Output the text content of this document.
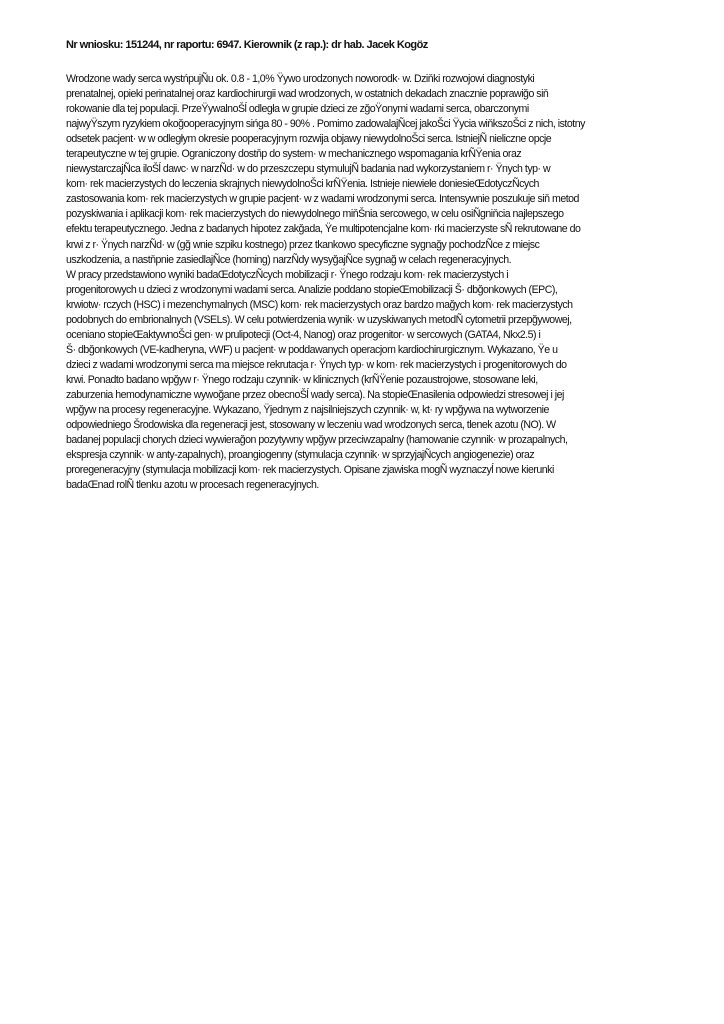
Nr wniosku: 151244, nr raportu: 6947. Kierownik (z rap.): dr hab. Jacek Kogöz

Wrodzone wady serca wystńpujÑu ok. 0.8 - 1,0% Ÿywo urodzonych noworodk· w. Dziňki rozwojowi diagnostyki
prenatalnej, opieki perinatalnej oraz kardiochirurgii wad wrodzonych, w ostatnich dekadach znacznie poprawiğo siň
rokowanie dla tej populacji. PrzeŸywalnoŠĺ odległa w grupie dzieci ze zğoŸonymi wadami serca, obarczonymi
najwyŸszym ryzykiem okoğooperacyjnym sińga 80 - 90% . Pomimo zadowalajÑcej jakoŠci Ÿycia wiňkszoŠci z nich, istotny
odsetek pacjent· w w odległym okresie pooperacyjnym rozwija objawy niewydolnoŠci serca. IstniejÑ nieliczne opcje
terapeutyczne w tej grupie. Ograniczony dostňp do system· w mechanicznego wspomagania krÑŸenia oraz
niewystarczajÑca iloŠĺ dawc· w narzÑd· w do przeszczepu stymulujÑ badania nad wykorzystaniem r· Ÿnych typ· w
kom· rek macierzystych do leczenia skrajnych niewydolnoŠci krÑŸenia. Istnieje niewiele doniesieŒdotyczÑcych
zastosowania kom· rek macierzystych w grupie pacjent· w z wadami wrodzonymi serca. Intensywnie poszukuje siň metod
pozyskiwania i aplikacji kom· rek macierzystych do niewydolnego miňŠnia sercowego, w celu osiÑgniňcia najlepszego
efektu terapeutycznego. Jedna z badanych hipotez zakğada, Ÿe multipotencjalne kom· rki macierzyste sÑ rekrutowane do
krwi z r· Ÿnych narzÑd· w (gğ wnie szpiku kostnego) przez tkankowo specyficzne sygnağy pochodzÑce z miejsc
uszkodzenia, a nastňpnie zasiedlajÑce (homing) narzÑdy wysyğajÑce sygnağ w celach regeneracyjnych.
W pracy przedstawiono wyniki badaŒdotyczÑcych mobilizacji r· Ÿnego rodzaju kom· rek macierzystych i
progenitorowych u dzieci z wrodzonymi wadami serca. Analizie poddano stopieŒmobilizacji Š· dbğonkowych (EPC),
krwiotw· rczych (HSC) i mezenchymalnych (MSC) kom· rek macierzystych oraz bardzo mağych kom· rek macierzystych
podobnych do embrionalnych (VSELs). W celu potwierdzenia wynik· w uzyskiwanych metodÑ cytometrii przepğywowej,
oceniano stopieŒaktywnoŠci gen· w prulipotecji (Oct-4, Nanog) oraz progenitor· w sercowych (GATA4, Nkx2.5) i
Š· dbğonkowych (VE-kadheryna, vWF) u pacjent· w poddawanych operacjom kardiochirurgicznym. Wykazano, Ÿe u
dzieci z wadami wrodzonymi serca ma miejsce rekrutacja r· Ÿnych typ· w kom· rek macierzystych i progenitorowych do
krwi. Ponadto badano wpğyw r· Ÿnego rodzaju czynnik· w klinicznych (krÑŸenie pozaustrojowe, stosowane leki,
zaburzenia hemodynamiczne wywoğane przez obecnoŠĺ wady serca). Na stopieŒnasilenia odpowiedzi stresowej i jej
wpğyw na procesy regeneracyjne. Wykazano, Ÿjednym z najsilniejszych czynnik· w, kt· ry wpğywa na wytworzenie
odpowiedniego Šrodowiska dla regeneracji jest, stosowany w leczeniu wad wrodzonych serca, tlenek azotu (NO). W
badanej populacji chorych dzieci wywierağon pozytywny wpğyw przeciwzapalny (hamowanie czynnik· w prozapalnych,
ekspresja czynnik· w anty-zapalnych), proangiogenny (stymulacja czynnik· w sprzyjajÑcych angiogenezie) oraz
proregeneracyjny (stymulacja mobilizacji kom· rek macierzystych. Opisane zjawiska mogÑ wyznaczyĺ nowe kierunki
badaŒnad rolÑ tlenku azotu w procesach regeneracyjnych.
